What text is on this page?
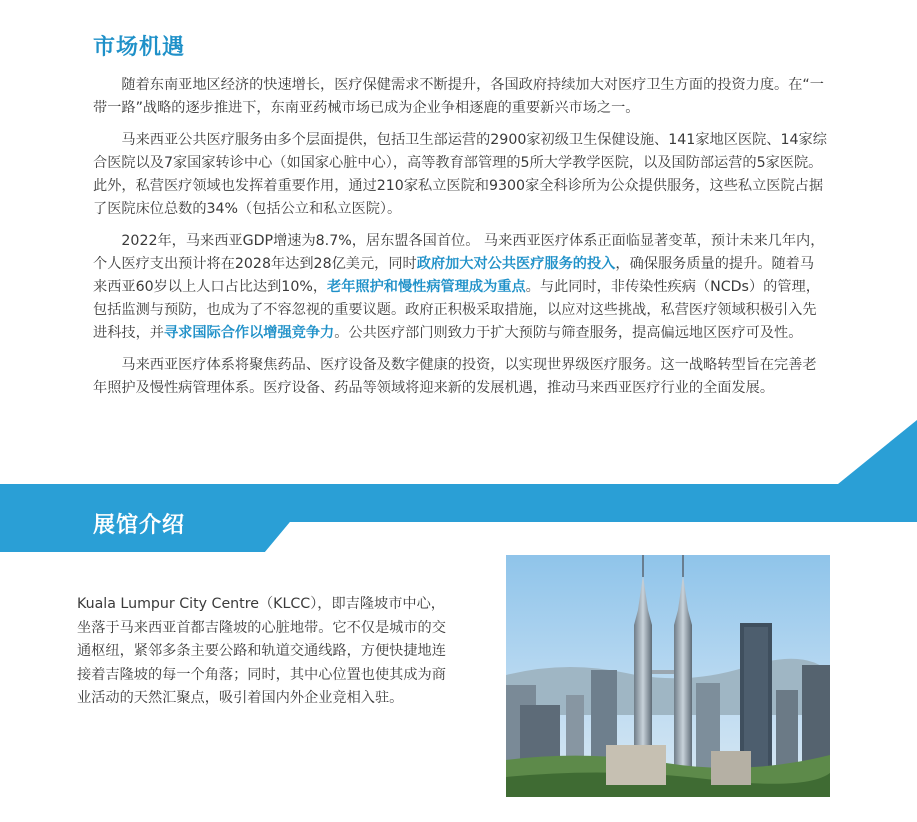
市场机遇

随着东南亚地区经济的快速增长，医疗保健需求不断提升，各国政府持续加大对医疗卫生方面的投资力度。在“一带一路”战略的逐步推进下，东南亚药械市场已成为企业争相逐鹿的重要新兴市场之一。

马来西亚公共医疗服务由多个层面提供，包括卫生部运营的2900家初级卫生保健设施、141家地区医院、14家综合医院以及7家国家转诊中心（如国家心脏中心），高等教育部管理的5所大学教学医院，以及国防部运营的5家医院。此外，私营医疗领域也发挥着重要作用，通过210家私立医院和9300家全科诊所为公众提供服务，这些私立医院占据了医院床位总数的34%（包括公立和私立医院）。

2022年，马来西亚GDP增速为8.7%，居东盟各国首位。 马来西亚医疗体系正面临显著变革，预计未来几年内，个人医疗支出预计将在2028年达到28亿美元，同时政府加大对公共医疗服务的投入，确保服务质量的提升。随着马来西亚60岁以上人口占比达到10%，老年照护和慢性病管理成为重点。与此同时，非传染性疾病（NCDs）的管理，包括监测与预防，也成为了不容忽视的重要议题。政府正积极采取措施，以应对这些挑战，私营医疗领域积极引入先进科技，并寻求国际合作以增强竞争力。公共医疗部门则致力于扩大预防与筛查服务，提高偏远地区医疗可及性。

马来西亚医疗体系将聚焦药品、医疗设备及数字健康的投资，以实现世界级医疗服务。这一战略转型旨在完善老年照护及慢性病管理体系。医疗设备、药品等领域将迎来新的发展机遇，推动马来西亚医疗行业的全面发展。

展馆介绍
Kuala Lumpur City Centre（KLCC），即吉隆坡市中心，坐落于马来西亚首都吉隆坡的心脏地带。它不仅是城市的交通枢纽，紧邻多条主要公路和轨道交通线路，方便快捷地连接着吉隆坡的每一个角落；同时，其中心位置也使其成为商业活动的天然汇聚点，吸引着国内外企业竞相入驻。
